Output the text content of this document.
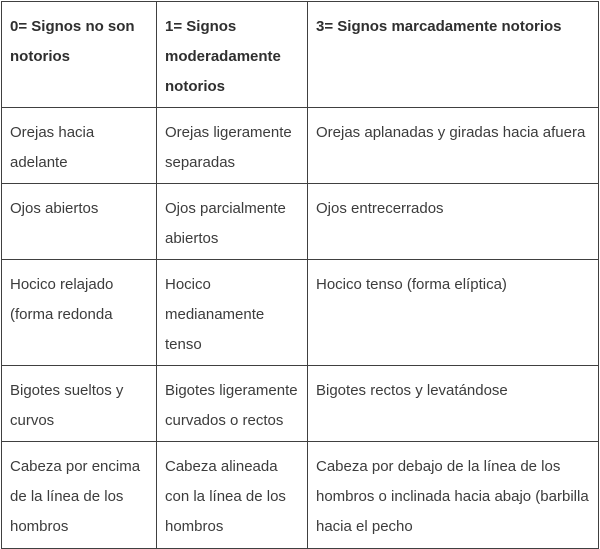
0= Signos no son notorios	1= Signos moderadamente notorios	3= Signos marcadamente notorios
Orejas hacia adelante	Orejas ligeramente separadas	Orejas aplanadas y giradas hacia afuera
Ojos abiertos	Ojos parcialmente abiertos	Ojos entrecerrados
Hocico relajado (forma redonda	Hocico medianamente tenso	Hocico tenso (forma elíptica)
Bigotes sueltos y curvos	Bigotes ligeramente curvados o rectos	Bigotes rectos y levatándose
Cabeza por encima de la línea de los hombros	Cabeza alineada con la línea de los hombros	Cabeza por debajo de la línea de los hombros o inclinada hacia abajo (barbilla hacia el pecho
